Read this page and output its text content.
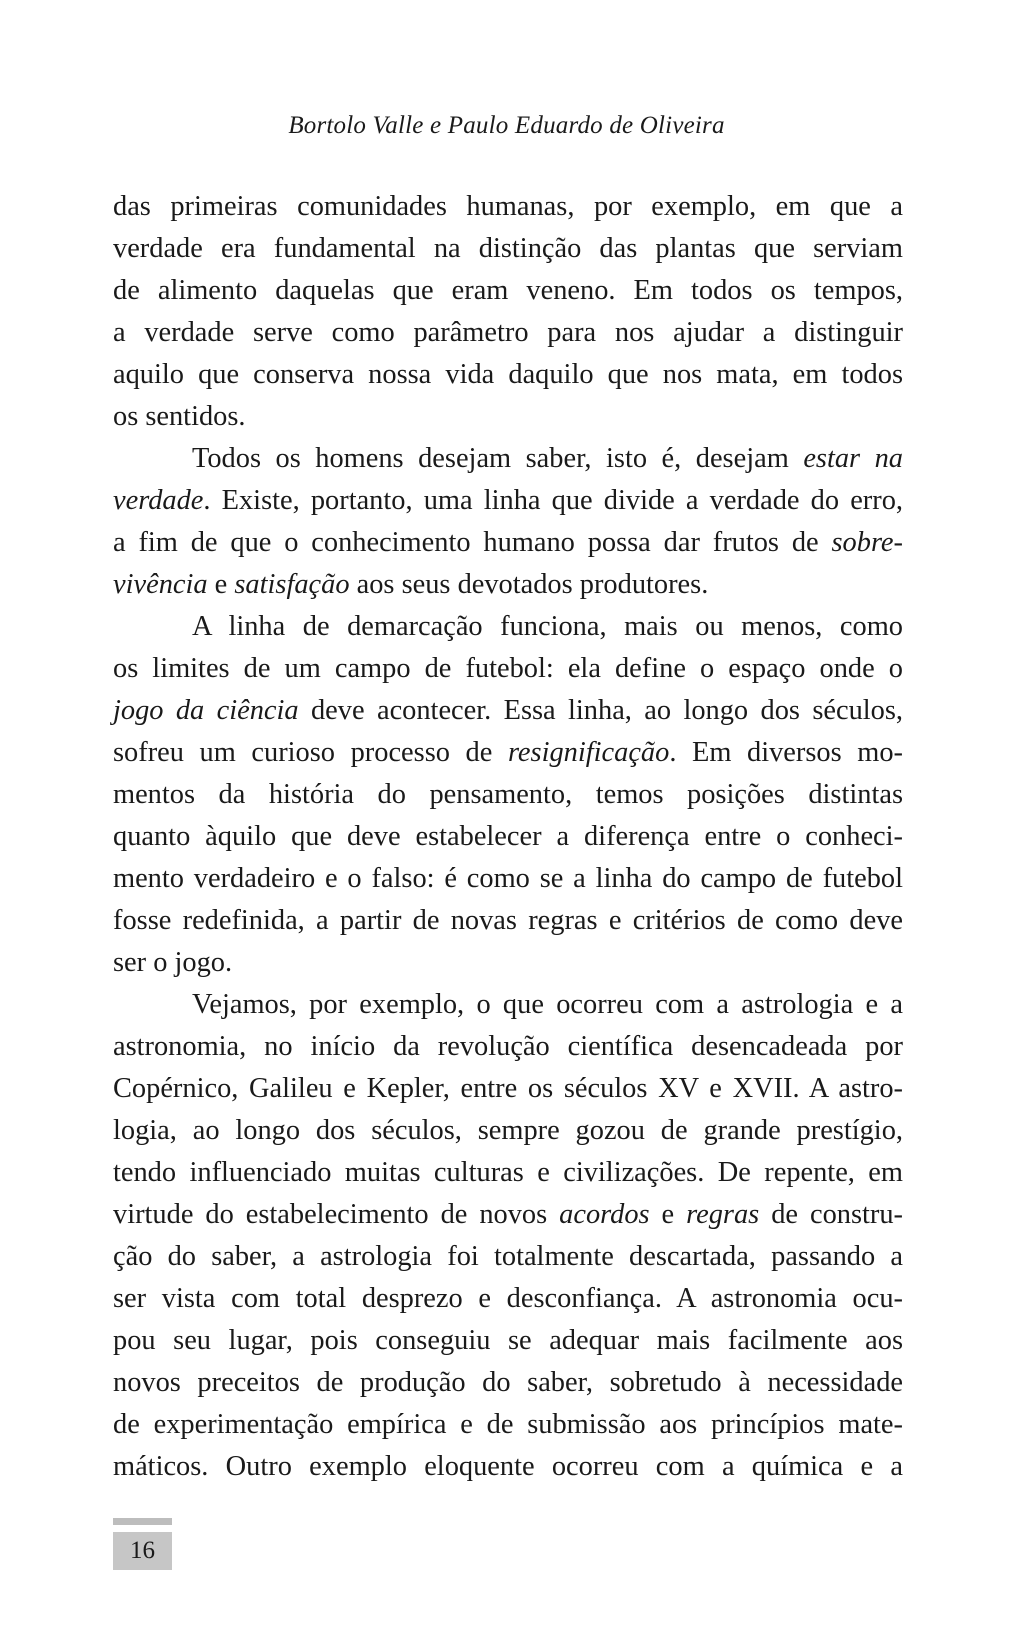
Bortolo Valle e Paulo Eduardo de Oliveira
das primeiras comunidades humanas, por exemplo, em que a
verdade era fundamental na distinção das plantas que serviam
de alimento daquelas que eram veneno. Em todos os tempos,
a verdade serve como parâmetro para nos ajudar a distinguir
aquilo que conserva nossa vida daquilo que nos mata, em todos
os sentidos.
Todos os homens desejam saber, isto é, desejam estar na
verdade. Existe, portanto, uma linha que divide a verdade do erro,
a fim de que o conhecimento humano possa dar frutos de sobre-
vivência e satisfação aos seus devotados produtores.
A linha de demarcação funciona, mais ou menos, como
os limites de um campo de futebol: ela define o espaço onde o
jogo da ciência deve acontecer. Essa linha, ao longo dos séculos,
sofreu um curioso processo de resignificação. Em diversos mo-
mentos da história do pensamento, temos posições distintas
quanto àquilo que deve estabelecer a diferença entre o conheci-
mento verdadeiro e o falso: é como se a linha do campo de futebol
fosse redefinida, a partir de novas regras e critérios de como deve
ser o jogo.
Vejamos, por exemplo, o que ocorreu com a astrologia e a
astronomia, no início da revolução científica desencadeada por
Copérnico, Galileu e Kepler, entre os séculos XV e XVII. A astro-
logia, ao longo dos séculos, sempre gozou de grande prestígio,
tendo influenciado muitas culturas e civilizações. De repente, em
virtude do estabelecimento de novos acordos e regras de constru-
ção do saber, a astrologia foi totalmente descartada, passando a
ser vista com total desprezo e desconfiança. A astronomia ocu-
pou seu lugar, pois conseguiu se adequar mais facilmente aos
novos preceitos de produção do saber, sobretudo à necessidade
de experimentação empírica e de submissão aos princípios mate-
máticos. Outro exemplo eloquente ocorreu com a química e a
16
